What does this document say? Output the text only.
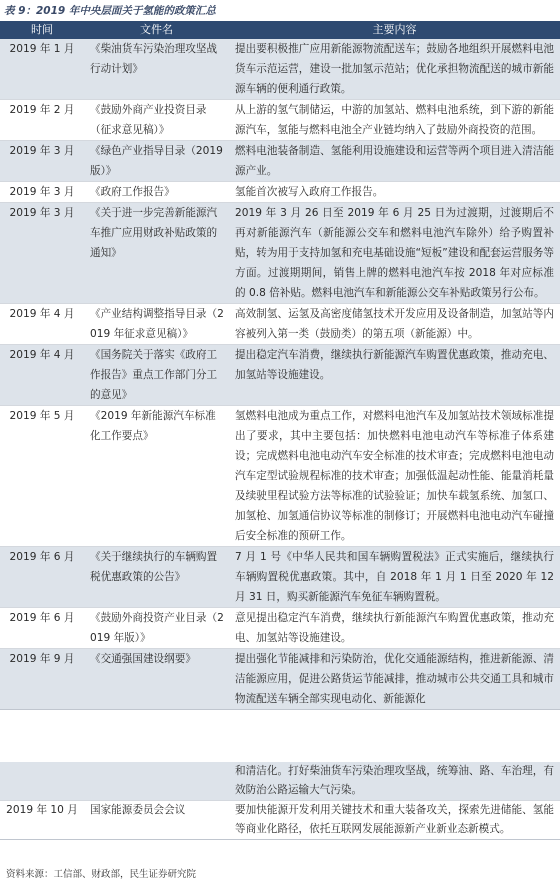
表 9：2019 年中央层面关于氢能的政策汇总
时间	文件名	主要内容
2019 年 1 月	《柴油货车污染治理攻坚战行动计划》	提出要积极推广应用新能源物流配送车；鼓励各地组织开展燃料电池货车示范运营，建设一批加氢示范站；优化承担物流配送的城市新能源车辆的便利通行政策。
2019 年 2 月	《鼓励外商产业投资目录（征求意见稿）》	从上游的氢气制储运，中游的加氢站、燃料电池系统，到下游的新能源汽车，氢能与燃料电池全产业链均纳入了鼓励外商投资的范围。
2019 年 3 月	《绿色产业指导目录（2019 版）》	燃料电池装备制造、氢能利用设施建设和运营等两个项目进入清洁能源产业。
2019 年 3 月	《政府工作报告》	氢能首次被写入政府工作报告。
2019 年 3 月	《关于进一步完善新能源汽车推广应用财政补贴政策的通知》	2019 年 3 月 26 日至 2019 年 6 月 25 日为过渡期，过渡期后不再对新能源汽车（新能源公交车和燃料电池汽车除外）给予购置补贴，转为用于支持加氢和充电基础设施“短板”建设和配套运营服务等方面。过渡期期间，销售上牌的燃料电池汽车按 2018 年对应标准的 0.8 倍补贴。燃料电池汽车和新能源公交车补贴政策另行公布。
2019 年 4 月	《产业结构调整指导目录（2019 年征求意见稿）》	高效制氢、运氢及高密度储氢技术开发应用及设备制造，加氢站等内容被列入第一类（鼓励类）的第五项（新能源）中。
2019 年 4 月	《国务院关于落实《政府工作报告》重点工作部门分工的意见》	提出稳定汽车消费，继续执行新能源汽车购置优惠政策，推动充电、加氢站等设施建设。
2019 年 5 月	《2019 年新能源汽车标准化工作要点》	氢燃料电池成为重点工作，对燃料电池汽车及加氢站技术领域标准提出了要求，其中主要包括：加快燃料电池电动汽车等标准子体系建设；完成燃料电池电动汽车安全标准的技术审查；完成燃料电池电动汽车定型试验规程标准的技术审查；加强低温起动性能、能量消耗量及续驶里程试验方法等标准的试验验证；加快车载氢系统、加氢口、加氢枪、加氢通信协议等标准的制修订；开展燃料电池电动汽车碰撞后安全标准的预研工作。
2019 年 6 月	《关于继续执行的车辆购置税优惠政策的公告》	7 月 1 号《中华人民共和国车辆购置税法》正式实施后，继续执行车辆购置税优惠政策。其中，自 2018 年 1 月 1 日至 2020 年 12 月 31 日，购买新能源汽车免征车辆购置税。
2019 年 6 月	《鼓励外商投资产业目录（2019 年版）》	意见提出稳定汽车消费，继续执行新能源汽车购置优惠政策，推动充电、加氢站等设施建设。
2019 年 9 月	《交通强国建设纲要》	提出强化节能减排和污染防治，优化交通能源结构，推进新能源、清洁能源应用，促进公路货运节能减排，推动城市公共交通工具和城市物流配送车辆全部实现电动化、新能源化
		和清洁化。打好柴油货车污染治理攻坚战，统筹油、路、车治理，有效防治公路运输大气污染。
2019 年 10 月	国家能源委员会会议	要加快能源开发利用关键技术和重大装备攻关，探索先进储能、氢能等商业化路径，依托互联网发展能源新产业新业态新模式。
资料来源：工信部、财政部，民生证券研究院
